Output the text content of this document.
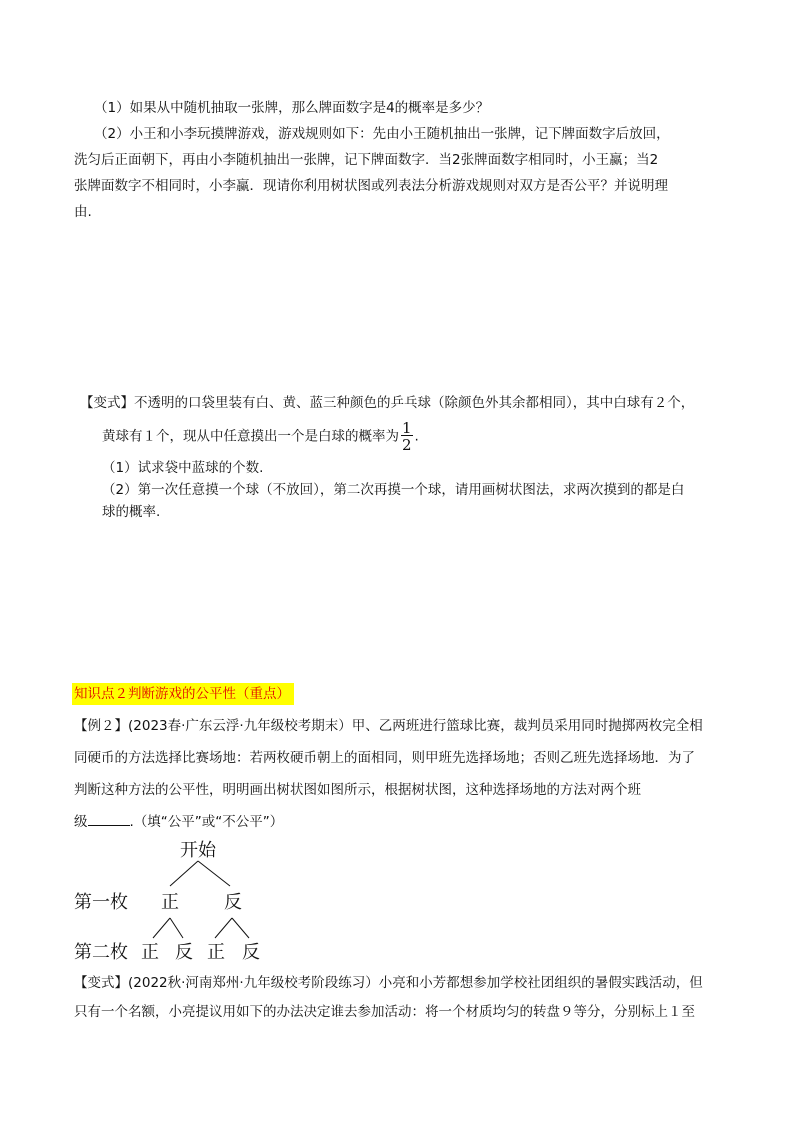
（1）如果从中随机抽取一张牌，那么牌面数字是4的概率是多少？

（2）小王和小李玩摸牌游戏，游戏规则如下：先由小王随机抽出一张牌，记下牌面数字后放回，

洗匀后正面朝下，再由小李随机抽出一张牌，记下牌面数字．当2张牌面数字相同时，小王赢；当2

张牌面数字不相同时，小李赢．现请你利用树状图或列表法分析游戏规则对双方是否公平？并说明理

由.

【变式】不透明的口袋里装有白、黄、蓝三种颜色的乒乓球（除颜色外其余都相同），其中白球有２个，

黄球有１个，现从中任意摸出一个是白球的概率为 $\frac{1}{2}$ .

（1）试求袋中蓝球的个数.

（2）第一次任意摸一个球（不放回），第二次再摸一个球，请用画树状图法，求两次摸到的都是白

球的概率.

知识点２判断游戏的公平性（重点）

【例２】(2023春·广东云浮·九年级校考期末）甲、乙两班进行篮球比赛，裁判员采用同时抛掷两枚完全相

同硬币的方法选择比赛场地：若两枚硬币朝上的面相同，则甲班先选择场地；否则乙班先选择场地．为了

判断这种方法的公平性，明明画出树状图如图所示，根据树状图，这种选择场地的方法对两个班

级	.（填“公平”或“不公平”）

开始
第一枚 正	反
第二枚 正 反 正 反

【变式】(2022秋·河南郑州·九年级校考阶段练习）小亮和小芳都想参加学校社团组织的暑假实践活动，但

只有一个名额，小亮提议用如下的办法决定谁去参加活动：将一个材质均匀的转盘９等分，分别标上１至
